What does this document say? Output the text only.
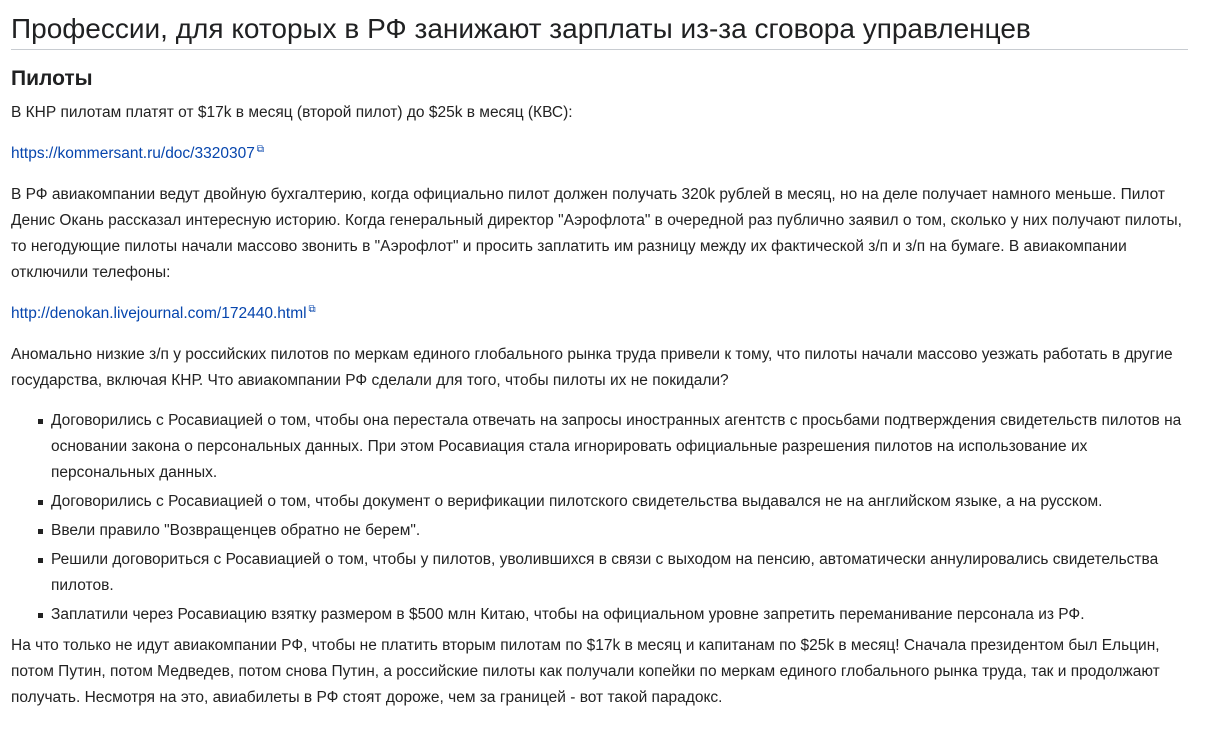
Профессии, для которых в РФ занижают зарплаты из-за сговора управленцев
Пилоты

В КНР пилотам платят от $17k в месяц (второй пилот) до $25k в месяц (КВС):

https://kommersant.ru/doc/3320307 ⧉

В РФ авиакомпании ведут двойную бухгалтерию, когда официально пилот должен получать 320k рублей в месяц, но на деле получает намного меньше. Пилот Денис Окань рассказал интересную историю. Когда генеральный директор "Аэрофлота" в очередной раз публично заявил о том, сколько у них получают пилоты, то негодующие пилоты начали массово звонить в "Аэрофлот" и просить заплатить им разницу между их фактической з/п и з/п на бумаге. В авиакомпании отключили телефоны:

http://denokan.livejournal.com/172440.html ⧉

Аномально низкие з/п у российских пилотов по меркам единого глобального рынка труда привели к тому, что пилоты начали массово уезжать работать в другие государства, включая КНР. Что авиакомпании РФ сделали для того, чтобы пилоты их не покидали?

Договорились с Росавиацией о том, чтобы она перестала отвечать на запросы иностранных агентств с просьбами подтверждения свидетельств пилотов на основании закона о персональных данных. При этом Росавиация стала игнорировать официальные разрешения пилотов на использование их персональных данных.
Договорились с Росавиацией о том, чтобы документ о верификации пилотского свидетельства выдавался не на английском языке, а на русском.
Ввели правило "Возвращенцев обратно не берем".
Решили договориться с Росавиацией о том, чтобы у пилотов, уволившихся в связи с выходом на пенсию, автоматически аннулировались свидетельства пилотов.
Заплатили через Росавиацию взятку размером в $500 млн Китаю, чтобы на официальном уровне запретить переманивание персонала из РФ.

На что только не идут авиакомпании РФ, чтобы не платить вторым пилотам по $17k в месяц и капитанам по $25k в месяц! Сначала президентом был Ельцин, потом Путин, потом Медведев, потом снова Путин, а российские пилоты как получали копейки по меркам единого глобального рынка труда, так и продолжают получать. Несмотря на это, авиабилеты в РФ стоят дороже, чем за границей - вот такой парадокс.
